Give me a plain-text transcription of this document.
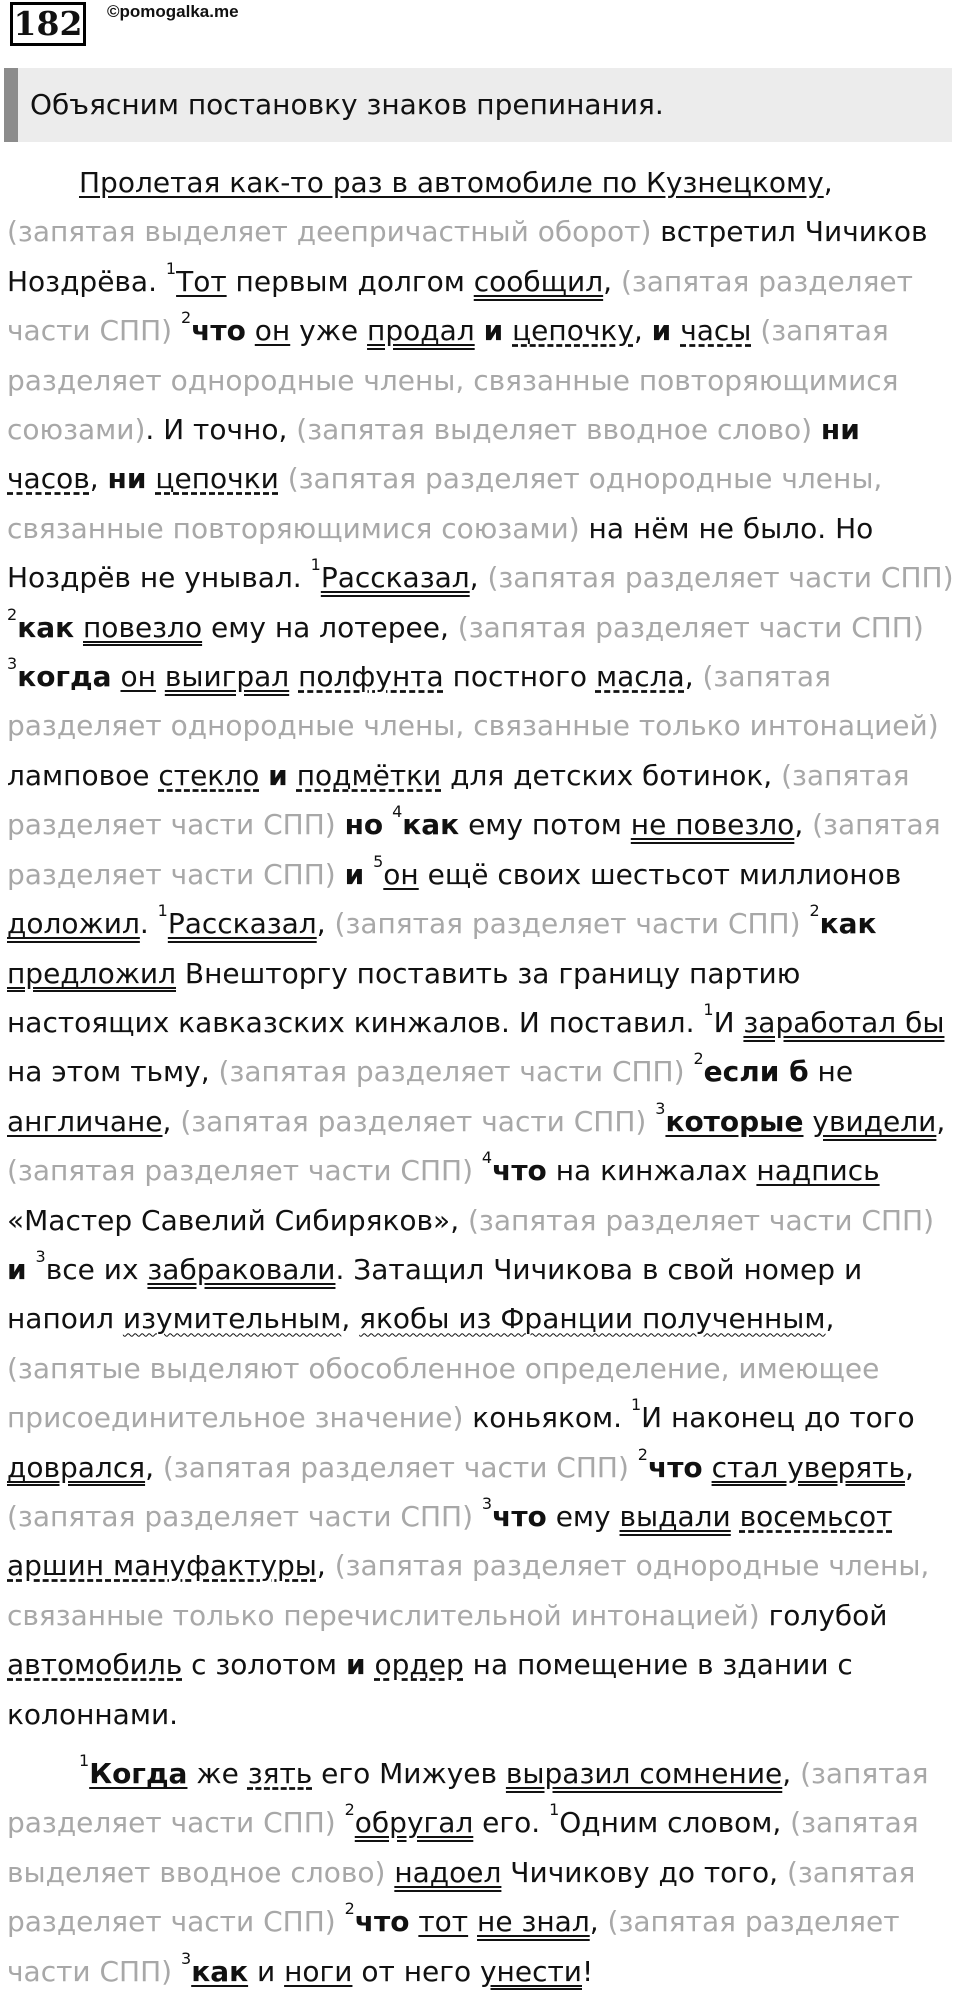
182 ©pomogalka.me
Объясним постановку знаков препинания.

Пролетая как-то раз в автомобиле по Кузнецкому, (запятая выделяет деепричастный оборот) встретил Чичиков Ноздрёва. $^1$Тот первым долгом сообщил, (запятая разделяет части СПП) $^2$что он уже продал и цепочку, и часы (запятая разделяет однородные члены, связанные повторяющимися союзами). И точно, (запятая выделяет вводное слово) ни часов, ни цепочки (запятая разделяет однородные члены, связанные повторяющимися союзами) на нём не было. Но Ноздрёв не унывал. $^1$Рассказал, (запятая разделяет части СПП) $^2$как повезло ему на лотерее, (запятая разделяет части СПП) $^3$когда он выиграл полфунта постного масла, (запятая разделяет однородные члены, связанные только интонацией) ламповое стекло и подмётки для детских ботинок, (запятая разделяет части СПП) но $^4$как ему потом не повезло, (запятая разделяет части СПП) и $^5$он ещё своих шестьсот миллионов доложил. $^1$Рассказал, (запятая разделяет части СПП) $^2$как предложил Внешторгу поставить за границу партию настоящих кавказских кинжалов. И поставил. $^1$И заработал бы на этом тьму, (запятая разделяет части СПП) $^2$если б не англичане, (запятая разделяет части СПП) $^3$которые увидели, (запятая разделяет части СПП) $^4$что на кинжалах надпись «Мастер Савелий Сибиряков», (запятая разделяет части СПП) и $^3$все их забраковали. Затащил Чичикова в свой номер и напоил изумительным, якобы из Франции полученным, (запятые выделяют обособленное определение, имеющее присоединительное значение) коньяком. $^1$И наконец до того доврался, (запятая разделяет части СПП) $^2$что стал уверять, (запятая разделяет части СПП) $^3$что ему выдали восемьсот аршин мануфактуры, (запятая разделяет однородные члены, связанные только перечислительной интонацией) голубой автомобиль с золотом и ордер на помещение в здании с колоннами.

$^1$Когда же зять его Мижуев выразил сомнение, (запятая разделяет части СПП) $^2$обругал его. $^1$Одним словом, (запятая выделяет вводное слово) надоел Чичикову до того, (запятая разделяет части СПП) $^2$что тот не знал, (запятая разделяет части СПП) $^3$как и ноги от него унести!
